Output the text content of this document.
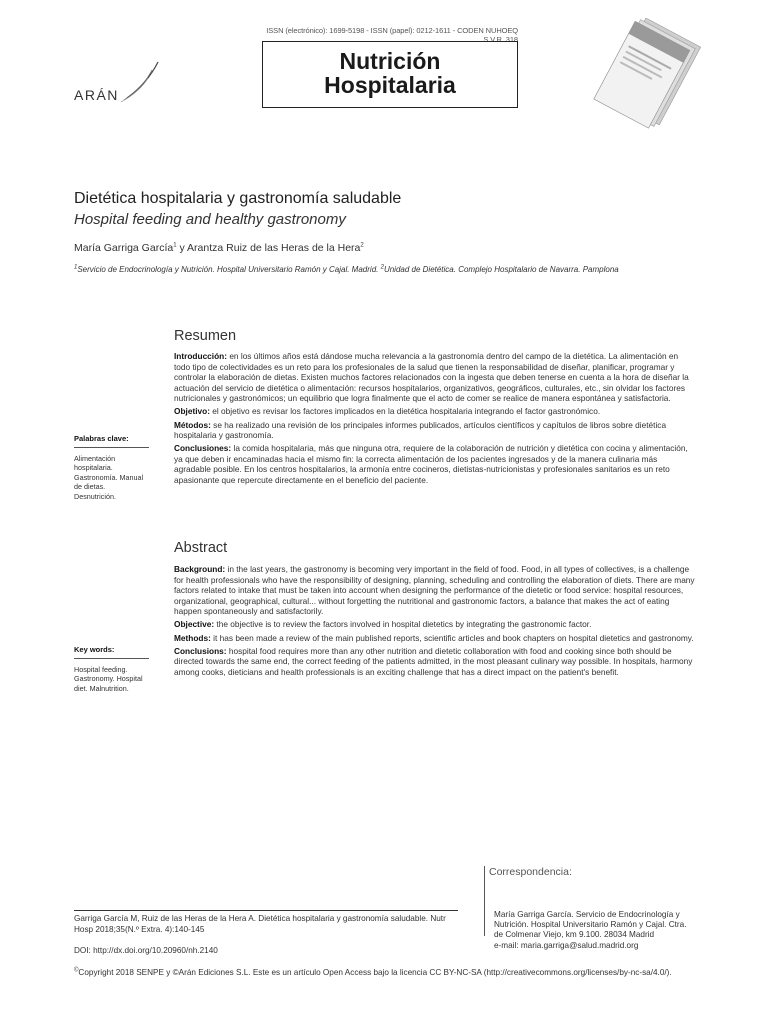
ISSN (electrónico): 1699-5198 - ISSN (papel): 0212-1611 - CODEN NUHOEQ S.V.R. 318
Nutrición
Hospitalaria
ARÁN
Dietética hospitalaria y gastronomía saludable
Hospital feeding and healthy gastronomy
María Garriga García$^1$ y Arantza Ruiz de las Heras de la Hera$^2$
$^1$Servicio de Endocrinología y Nutrición. Hospital Universitario Ramón y Cajal. Madrid. $^2$Unidad de Dietética. Complejo Hospitalario de Navarra. Pamplona
Resumen

Introducción: en los últimos años está dándose mucha relevancia a la gastronomía dentro del campo de la dietética. La alimentación en todo tipo de colectividades es un reto para los profesionales de la salud que tienen la responsabilidad de diseñar, planificar, programar y controlar la elaboración de dietas. Existen muchos factores relacionados con la ingesta que deben tenerse en cuenta a la hora de diseñar la actuación del servicio de dietética o alimentación: recursos hospitalarios, organizativos, geográficos, culturales, etc., sin olvidar los factores nutricionales y gastronómicos; un equilibrio que logra finalmente que el acto de comer se realice de manera espontánea y satisfactoria.

Objetivo: el objetivo es revisar los factores implicados en la dietética hospitalaria integrando el factor gastronómico.

Métodos: se ha realizado una revisión de los principales informes publicados, artículos científicos y capítulos de libros sobre dietética hospitalaria y gastronomía.

Conclusiones: la comida hospitalaria, más que ninguna otra, requiere de la colaboración de nutrición y dietética con cocina y alimentación, ya que deben ir encaminadas hacia el mismo fin: la correcta alimentación de los pacientes ingresados y de la manera culinaria más agradable posible. En los centros hospitalarios, la armonía entre cocineros, dietistas-nutricionistas y profesionales sanitarios es un reto apasionante que repercute directamente en el beneficio del paciente.

Palabras clave:
Alimentación hospitalaria. Gastronomía. Manual de dietas. Desnutrición.
Abstract

Background: in the last years, the gastronomy is becoming very important in the field of food. Food, in all types of collectives, is a challenge for health professionals who have the responsibility of designing, planning, scheduling and controlling the elaboration of diets. There are many factors related to intake that must be taken into account when designing the performance of the dietetic or food service: hospital resources, organizational, geographical, cultural... without forgetting the nutritional and gastronomic factors, a balance that makes the act of eating happen spontaneously and satisfactorily.

Objective: the objective is to review the factors involved in hospital dietetics by integrating the gastronomic factor.

Methods: it has been made a review of the main published reports, scientific articles and book chapters on hospital dietetics and gastronomy.

Conclusions: hospital food requires more than any other nutrition and dietetic collaboration with food and cooking since both should be directed towards the same end, the correct feeding of the patients admitted, in the most pleasant culinary way possible. In hospitals, harmony among cooks, dieticians and health professionals is an exciting challenge that has a direct impact on the patient's benefit.

Key words:
Hospital feeding. Gastronomy. Hospital diet. Malnutrition.
Correspondencia:
María Garriga García. Servicio de Endocrinología y Nutrición. Hospital Universitario Ramón y Cajal. Ctra. de Colmenar Viejo, km 9.100. 28034 Madrid
e-mail: maria.garriga@salud.madrid.org
Garriga García M, Ruiz de las Heras de la Hera A. Dietética hospitalaria y gastronomía saludable. Nutr Hosp 2018;35(N.º Extra. 4):140-145
DOI: http://dx.doi.org/10.20960/nh.2140
©Copyright 2018 SENPE y ©Arán Ediciones S.L. Este es un artículo Open Access bajo la licencia CC BY-NC-SA (http://creativecommons.org/licenses/by-nc-sa/4.0/).
